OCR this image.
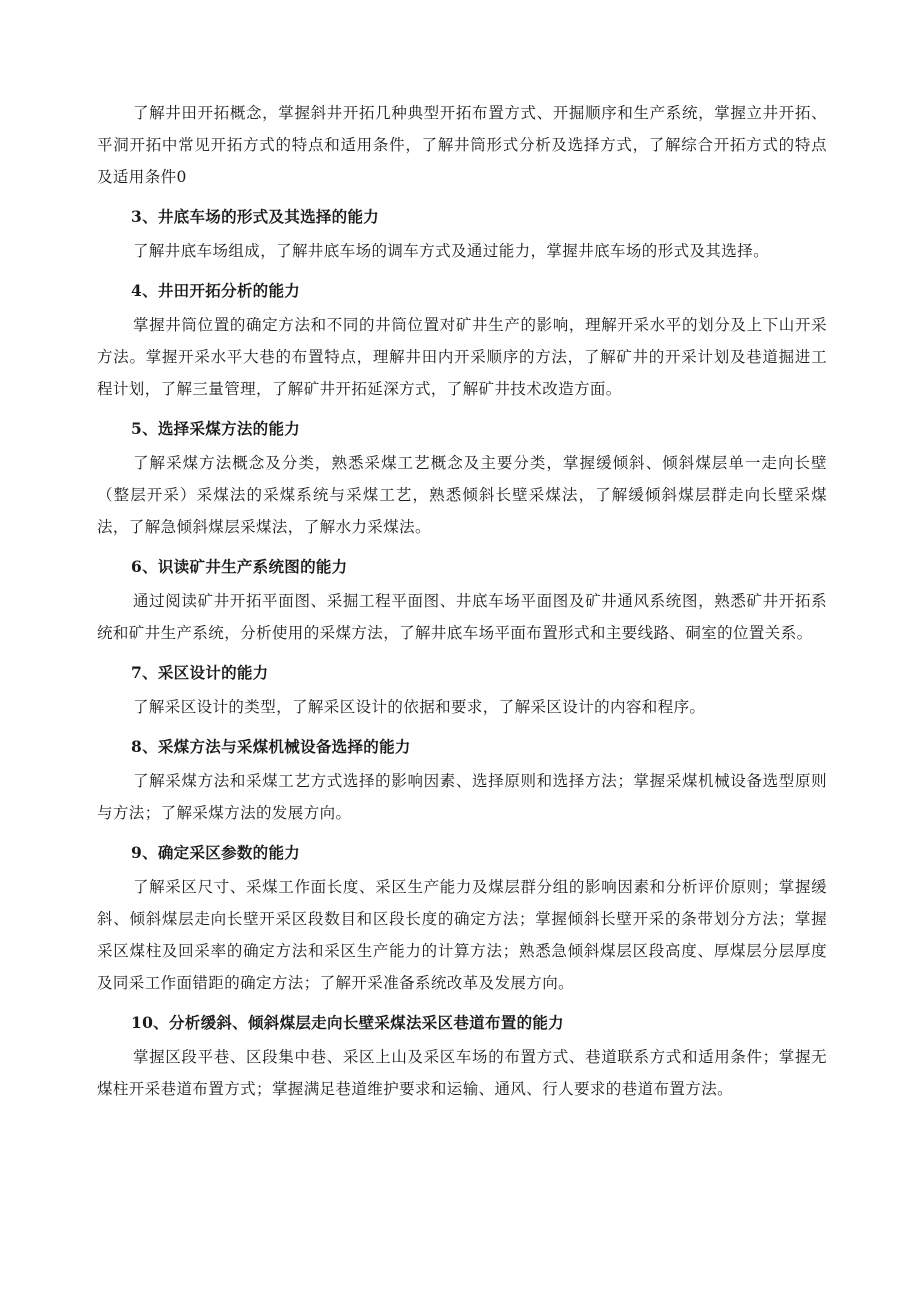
了解井田开拓概念，掌握斜井开拓几种典型开拓布置方式、开掘顺序和生产系统，掌握立井开拓、平洞开拓中常见开拓方式的特点和适用条件，了解井筒形式分析及选择方式，了解综合开拓方式的特点及适用条件0

3、井底车场的形式及其选择的能力

了解井底车场组成，了解井底车场的调车方式及通过能力，掌握井底车场的形式及其选择。

4、井田开拓分析的能力

掌握井筒位置的确定方法和不同的井筒位置对矿井生产的影响，理解开采水平的划分及上下山开采方法。掌握开采水平大巷的布置特点，理解井田内开采顺序的方法，了解矿井的开采计划及巷道掘进工程计划，了解三量管理，了解矿井开拓延深方式，了解矿井技术改造方面。

5、选择采煤方法的能力

了解采煤方法概念及分类，熟悉采煤工艺概念及主要分类，掌握缓倾斜、倾斜煤层单一走向长壁（整层开采）采煤法的采煤系统与采煤工艺，熟悉倾斜长壁采煤法，了解缓倾斜煤层群走向长壁采煤法，了解急倾斜煤层采煤法，了解水力采煤法。

6、识读矿井生产系统图的能力

通过阅读矿井开拓平面图、采掘工程平面图、井底车场平面图及矿井通风系统图，熟悉矿井开拓系统和矿井生产系统，分析使用的采煤方法，了解井底车场平面布置形式和主要线路、硐室的位置关系。

7、采区设计的能力

了解采区设计的类型，了解采区设计的依据和要求，了解采区设计的内容和程序。

8、采煤方法与采煤机械设备选择的能力

了解采煤方法和采煤工艺方式选择的影响因素、选择原则和选择方法；掌握采煤机械设备选型原则与方法；了解采煤方法的发展方向。

9、确定采区参数的能力

了解采区尺寸、采煤工作面长度、采区生产能力及煤层群分组的影响因素和分析评价原则；掌握缓斜、倾斜煤层走向长壁开采区段数目和区段长度的确定方法；掌握倾斜长壁开采的条带划分方法；掌握采区煤柱及回采率的确定方法和采区生产能力的计算方法；熟悉急倾斜煤层区段高度、厚煤层分层厚度及同采工作面错距的确定方法；了解开采准备系统改革及发展方向。

10、分析缓斜、倾斜煤层走向长壁采煤法采区巷道布置的能力

掌握区段平巷、区段集中巷、采区上山及采区车场的布置方式、巷道联系方式和适用条件；掌握无煤柱开采巷道布置方式；掌握满足巷道维护要求和运输、通风、行人要求的巷道布置方法。
